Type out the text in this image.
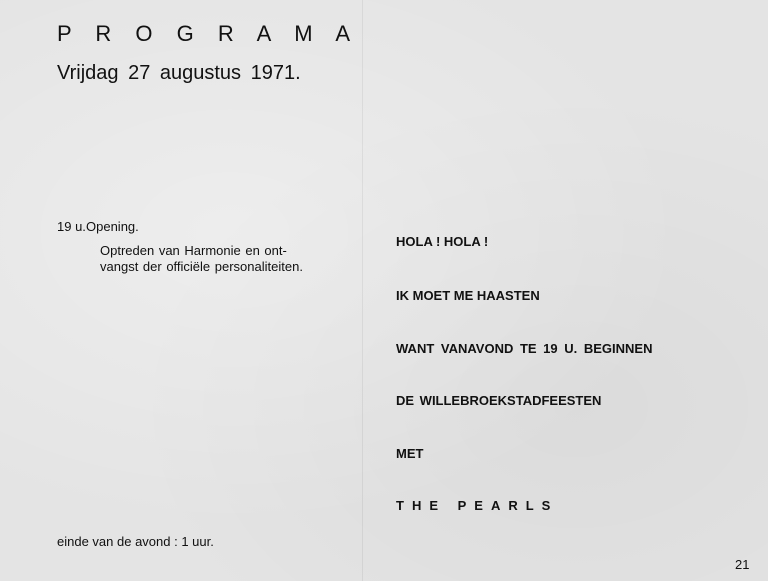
P R O G R A M A
Vrijdag 27 augustus 1971.
19 u. Opening.
Optreden van Harmonie en ont-
vangst der officiële personaliteiten.
einde van de avond : 1 uur.
HOLA ! HOLA !
IK MOET ME HAASTEN
WANT VANAVOND TE 19 U. BEGINNEN
DE WILLEBROEKSTADFEESTEN
MET
THE PEARLS
21
